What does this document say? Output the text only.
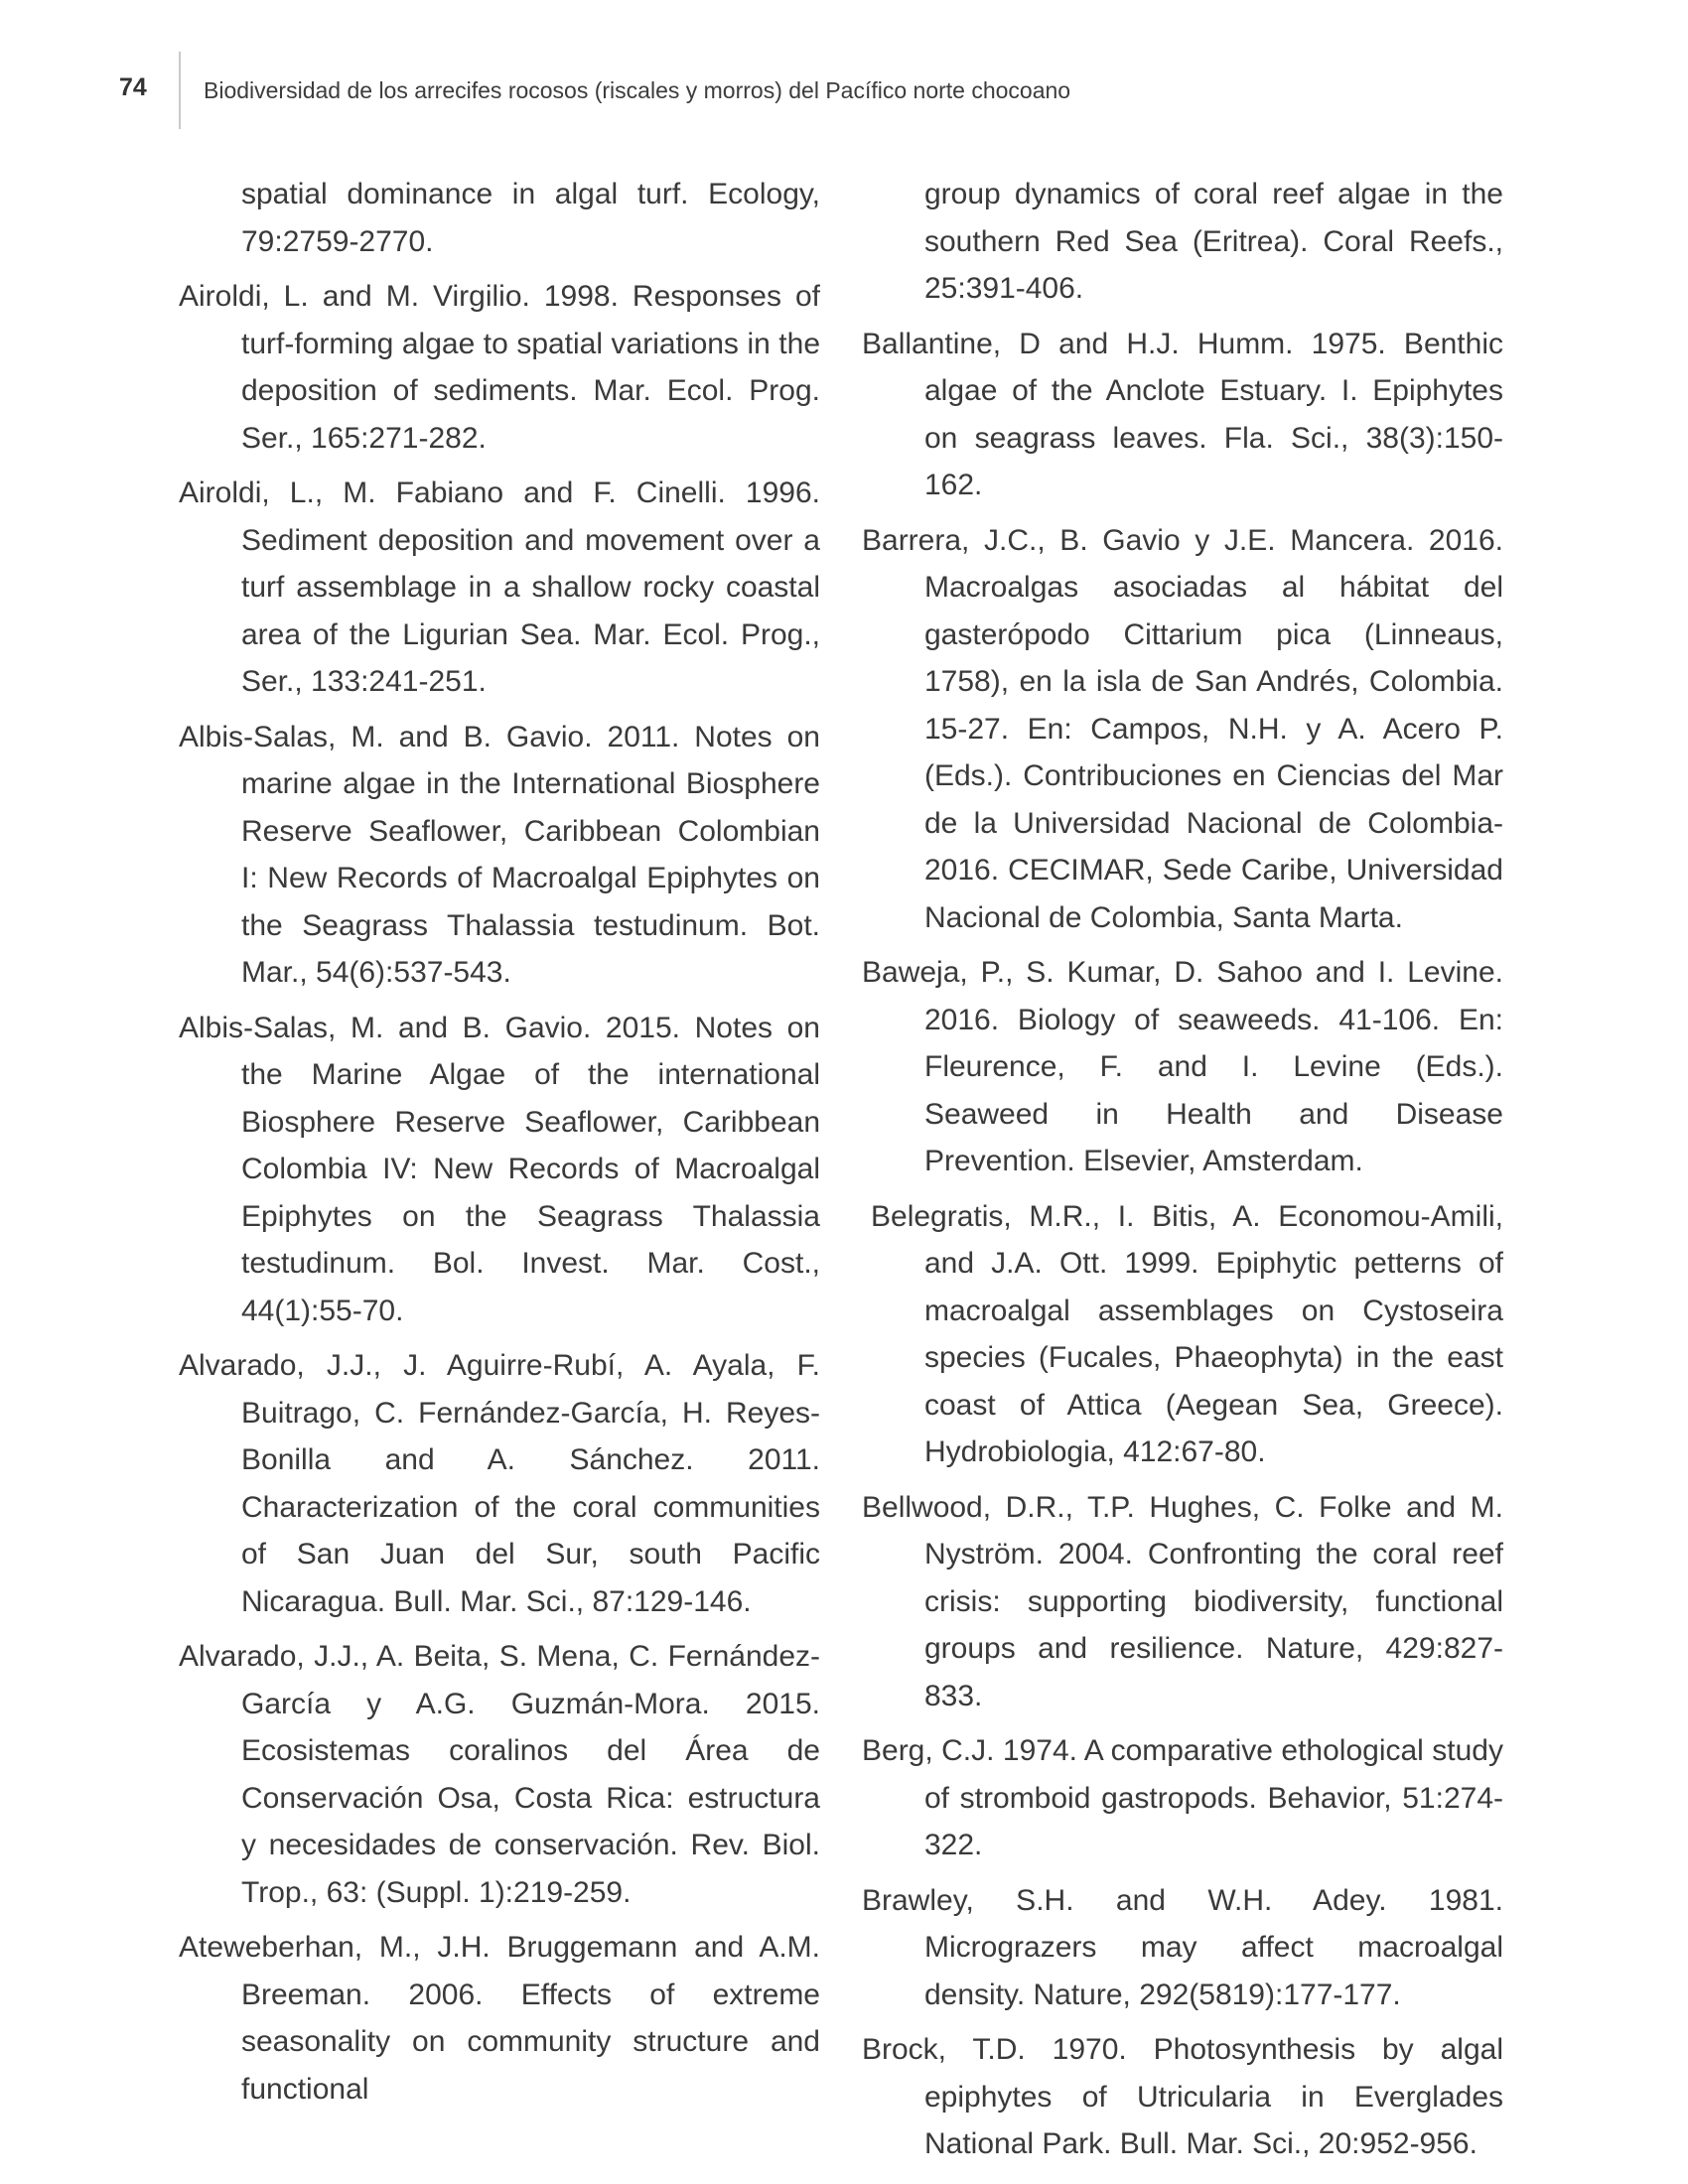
74 Biodiversidad de los arrecifes rocosos (riscales y morros) del Pacífico norte chocoano

spatial dominance in algal turf. Ecology, 79:2759-2770.

Airoldi, L. and M. Virgilio. 1998. Responses of turf-forming algae to spatial variations in the deposition of sediments. Mar. Ecol. Prog. Ser., 165:271-282.

Airoldi, L., M. Fabiano and F. Cinelli. 1996. Sediment deposition and movement over a turf assemblage in a shallow rocky coastal area of the Ligurian Sea. Mar. Ecol. Prog., Ser., 133:241-251.

Albis-Salas, M. and B. Gavio. 2011. Notes on marine algae in the International Biosphere Reserve Seaflower, Caribbean Colombian I: New Records of Macroalgal Epiphytes on the Seagrass Thalassia testudinum. Bot. Mar., 54(6):537-543.

Albis-Salas, M. and B. Gavio. 2015. Notes on the Marine Algae of the international Biosphere Reserve Seaflower, Caribbean Colombia IV: New Records of Macroalgal Epiphytes on the Seagrass Thalassia testudinum. Bol. Invest. Mar. Cost., 44(1):55-70.

Alvarado, J.J., J. Aguirre-Rubí, A. Ayala, F. Buitrago, C. Fernández-García, H. Reyes-Bonilla and A. Sánchez. 2011. Characterization of the coral communities of San Juan del Sur, south Pacific Nicaragua. Bull. Mar. Sci., 87:129-146.

Alvarado, J.J., A. Beita, S. Mena, C. Fernández-García y A.G. Guzmán-Mora. 2015. Ecosistemas coralinos del Área de Conservación Osa, Costa Rica: estructura y necesidades de conservación. Rev. Biol. Trop., 63: (Suppl. 1):219-259.

Ateweberhan, M., J.H. Bruggemann and A.M. Breeman. 2006. Effects of extreme seasonality on community structure and functional

group dynamics of coral reef algae in the southern Red Sea (Eritrea). Coral Reefs., 25:391-406.

Ballantine, D and H.J. Humm. 1975. Benthic algae of the Anclote Estuary. I. Epiphytes on seagrass leaves. Fla. Sci., 38(3):150-162.

Barrera, J.C., B. Gavio y J.E. Mancera. 2016. Macroalgas asociadas al hábitat del gasterópodo Cittarium pica (Linneaus, 1758), en la isla de San Andrés, Colombia. 15-27. En: Campos, N.H. y A. Acero P. (Eds.). Contribuciones en Ciencias del Mar de la Universidad Nacional de Colombia-2016. CECIMAR, Sede Caribe, Universidad Nacional de Colombia, Santa Marta.

Baweja, P., S. Kumar, D. Sahoo and I. Levine. 2016. Biology of seaweeds. 41-106. En: Fleurence, F. and I. Levine (Eds.). Seaweed in Health and Disease Prevention. Elsevier, Amsterdam.

Belegratis, M.R., I. Bitis, A. Economou-Amili, and J.A. Ott. 1999. Epiphytic petterns of macroalgal assemblages on Cystoseira species (Fucales, Phaeophyta) in the east coast of Attica (Aegean Sea, Greece). Hydrobiologia, 412:67-80.

Bellwood, D.R., T.P. Hughes, C. Folke and M. Nyström. 2004. Confronting the coral reef crisis: supporting biodiversity, functional groups and resilience. Nature, 429:827-833.

Berg, C.J. 1974. A comparative ethological study of stromboid gastropods. Behavior, 51:274-322.

Brawley, S.H. and W.H. Adey. 1981. Micrograzers may affect macroalgal density. Nature, 292(5819):177-177.

Brock, T.D. 1970. Photosynthesis by algal epiphytes of Utricularia in Everglades National Park. Bull. Mar. Sci., 20:952-956.
